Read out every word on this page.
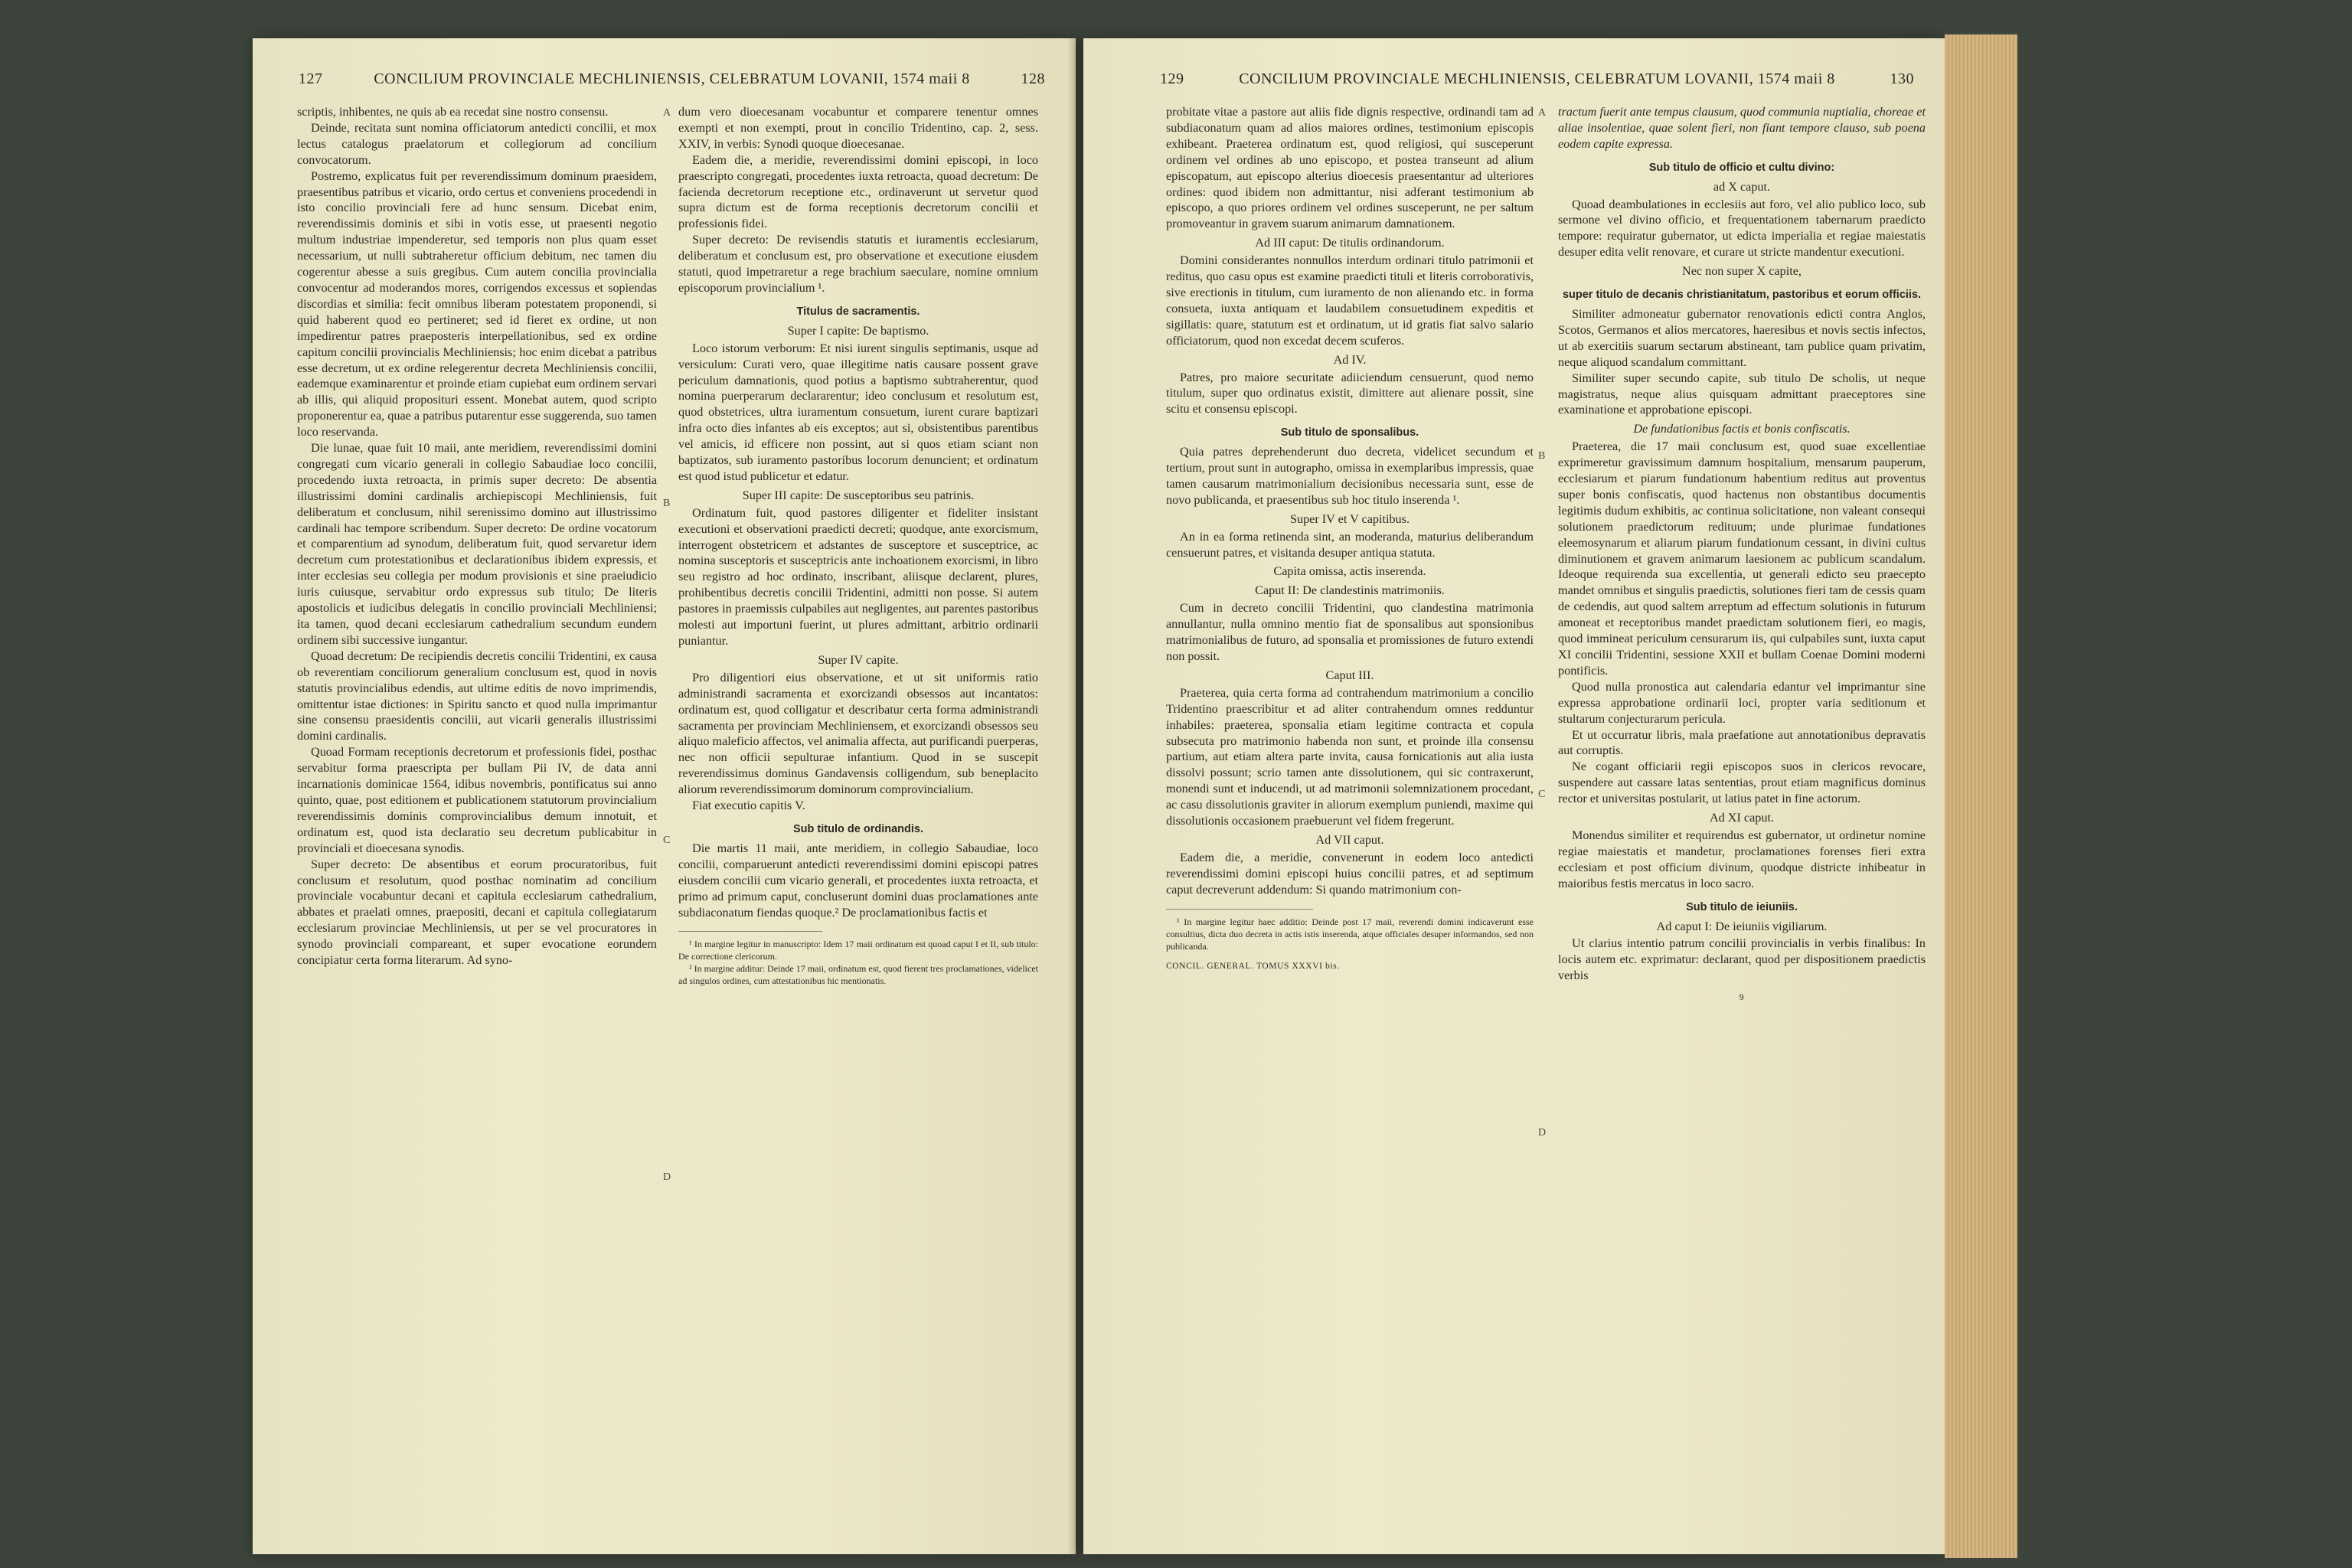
127	CONCILIUM PROVINCIALE MECHLINIENSIS, CELEBRATUM LOVANII, 1574 maii 8	128

scriptis, inhibentes, ne quis ab ea recedat sine nostro consensu.

Deinde, recitata sunt nomina officiatorum antedicti concilii, et mox lectus catalogus praelatorum et collegiorum ad concilium convocatorum.

Postremo, explicatus fuit per reverendissimum dominum praesidem, praesentibus patribus et vicario, ordo certus et conveniens procedendi in isto concilio provinciali fere ad hunc sensum. Dicebat enim, reverendissimis dominis et sibi in votis esse, ut praesenti negotio multum industriae impenderetur, sed temporis non plus quam esset necessarium, ut nulli subtraheretur officium debitum, nec tamen diu cogerentur abesse a suis gregibus. Cum autem concilia provincialia convocentur ad moderandos mores, corrigendos excessus et sopiendas discordias et similia: fecit omnibus liberam potestatem proponendi, si quid haberent quod eo pertineret; sed id fieret ex ordine, ut non impedirentur patres praeposteris interpellationibus, sed ex ordine capitum concilii provincialis Mechliniensis; hoc enim dicebat a patribus esse decretum, ut ex ordine relegerentur decreta Mechliniensis concilii, eademque examinarentur et proinde etiam cupiebat eum ordinem servari ab illis, qui aliquid proposituri essent. Monebat autem, quod scripto proponerentur ea, quae a patribus putarentur esse suggerenda, suo tamen loco reservanda.

Die lunae, quae fuit 10 maii, ante meridiem, reverendissimi domini congregati cum vicario generali in collegio Sabaudiae loco concilii, procedendo iuxta retroacta, in primis super decreto: De absentia illustrissimi domini cardinalis archiepiscopi Mechliniensis, fuit deliberatum et conclusum, nihil serenissimo domino aut illustrissimo cardinali hac tempore scribendum. Super decreto: De ordine vocatorum et comparentium ad synodum, deliberatum fuit, quod servaretur idem decretum cum protestationibus et declarationibus ibidem expressis, et inter ecclesias seu collegia per modum provisionis et sine praeiudicio iuris cuiusque, servabitur ordo expressus sub titulo; De literis apostolicis et iudicibus delegatis in concilio provinciali Mechliniensi; ita tamen, quod decani ecclesiarum cathedralium secundum eundem ordinem sibi successive iungantur.

Quoad decretum: De recipiendis decretis concilii Tridentini, ex causa ob reverentiam conciliorum generalium conclusum est, quod in novis statutis provincialibus edendis, aut ultime editis de novo imprimendis, omittentur istae dictiones: in Spiritu sancto et quod nulla imprimantur sine consensu praesidentis concilii, aut vicarii generalis illustrissimi domini cardinalis.

Quoad Formam receptionis decretorum et professionis fidei, posthac servabitur forma praescripta per bullam Pii IV, de data anni incarnationis dominicae 1564, idibus novembris, pontificatus sui anno quinto, quae, post editionem et publicationem statutorum provincialium reverendissimis dominis comprovincialibus demum innotuit, et ordinatum est, quod ista declaratio seu decretum publicabitur in provinciali et dioecesana synodis.

Super decreto: De absentibus et eorum procuratoribus, fuit conclusum et resolutum, quod posthac nominatim ad concilium provinciale vocabuntur decani et capitula ecclesiarum cathedralium, abbates et praelati omnes, praepositi, decani et capitula collegiatarum ecclesiarum provinciae Mechliniensis, ut per se vel procuratores in synodo provinciali compareant, et super evocatione eorundem concipiatur certa forma literarum. Ad syno-

A
B
C
D

dum vero dioecesanam vocabuntur et comparere tenentur omnes exempti et non exempti, prout in concilio Tridentino, cap. 2, sess. XXIV, in verbis: Synodi quoque dioecesanae.

Eadem die, a meridie, reverendissimi domini episcopi, in loco praescripto congregati, procedentes iuxta retroacta, quoad decretum: De facienda decretorum receptione etc., ordinaverunt ut servetur quod supra dictum est de forma receptionis decretorum concilii et professionis fidei.

Super decreto: De revisendis statutis et iuramentis ecclesiarum, deliberatum et conclusum est, pro observatione et executione eiusdem statuti, quod impetraretur a rege brachium saeculare, nomine omnium episcoporum provincialium ¹.

Titulus de sacramentis.
Super I capite: De baptismo.

Loco istorum verborum: Et nisi iurent singulis septimanis, usque ad versiculum: Curati vero, quae illegitime natis causare possent grave periculum damnationis, quod potius a baptismo subtraherentur, quod nomina puerperarum declararentur; ideo conclusum et resolutum est, quod obstetrices, ultra iuramentum consuetum, iurent curare baptizari infra octo dies infantes ab eis exceptos; aut si, obsistentibus parentibus vel amicis, id efficere non possint, aut si quos etiam sciant non baptizatos, sub iuramento pastoribus locorum denuncient; et ordinatum est quod istud publicetur et edatur.

Super III capite: De susceptoribus seu patrinis.

Ordinatum fuit, quod pastores diligenter et fideliter insistant executioni et observationi praedicti decreti; quodque, ante exorcismum, interrogent obstetricem et adstantes de susceptore et susceptrice, ac nomina susceptoris et susceptricis ante inchoationem exorcismi, in libro seu registro ad hoc ordinato, inscribant, aliisque declarent, plures, prohibentibus decretis concilii Tridentini, admitti non posse. Si autem pastores in praemissis culpabiles aut negligentes, aut parentes pastoribus molesti aut importuni fuerint, ut plures admittant, arbitrio ordinarii puniantur.

Super IV capite.

Pro diligentiori eius observatione, et ut sit uniformis ratio administrandi sacramenta et exorcizandi obsessos aut incantatos: ordinatum est, quod colligatur et describatur certa forma administrandi sacramenta per provinciam Mechliniensem, et exorcizandi obsessos seu aliquo maleficio affectos, vel animalia affecta, aut purificandi puerperas, nec non officii sepulturae infantium. Quod in se suscepit reverendissimus dominus Gandavensis colligendum, sub beneplacito aliorum reverendissimorum dominorum comprovincialium.

Fiat executio capitis V.

Sub titulo de ordinandis.

Die martis 11 maii, ante meridiem, in collegio Sabaudiae, loco concilii, comparuerunt antedicti reverendissimi domini episcopi patres eiusdem concilii cum vicario generali, et procedentes iuxta retroacta, et primo ad primum caput, concluserunt domini duas proclamationes ante subdiaconatum fiendas quoque.² De proclamationibus factis et

¹ In margine legitur in manuscripto: Idem 17 maii ordinatum est quoad caput I et II, sub titulo: De correctione clericorum.

² In margine additur: Deinde 17 maii, ordinatum est, quod fierent tres proclamationes, videlicet ad singulos ordines, cum attestationibus hic mentionatis.

129	CONCILIUM PROVINCIALE MECHLINIENSIS, CELEBRATUM LOVANII, 1574 maii 8	130

probitate vitae a pastore aut aliis fide dignis respective, ordinandi tam ad subdiaconatum quam ad alios maiores ordines, testimonium episcopis exhibeant. Praeterea ordinatum est, quod religiosi, qui susceperunt ordinem vel ordines ab uno episcopo, et postea transeunt ad alium episcopatum, aut episcopo alterius dioecesis praesentantur ad ulteriores ordines: quod ibidem non admittantur, nisi adferant testimonium ab episcopo, a quo priores ordinem vel ordines susceperunt, ne per saltum promoveantur in gravem suarum animarum damnationem.

Ad III caput: De titulis ordinandorum.

Domini considerantes nonnullos interdum ordinari titulo patrimonii et reditus, quo casu opus est examine praedicti tituli et literis corroborativis, sive erectionis in titulum, cum iuramento de non alienando etc. in forma consueta, iuxta antiquam et laudabilem consuetudinem expeditis et sigillatis: quare, statutum est et ordinatum, ut id gratis fiat salvo salario officiatorum, quod non excedat decem scuferos.

Ad IV.

Patres, pro maiore securitate adiiciendum censuerunt, quod nemo titulum, super quo ordinatus existit, dimittere aut alienare possit, sine scitu et consensu episcopi.

Sub titulo de sponsalibus.

Quia patres deprehenderunt duo decreta, videlicet secundum et tertium, prout sunt in autographo, omissa in exemplaribus impressis, quae tamen causarum matrimonialium decisionibus necessaria sunt, esse de novo publicanda, et praesentibus sub hoc titulo inserenda ¹.

Super IV et V capitibus.

An in ea forma retinenda sint, an moderanda, maturius deliberandum censuerunt patres, et visitanda desuper antiqua statuta.

Capita omissa, actis inserenda.
Caput II: De clandestinis matrimoniis.

Cum in decreto concilii Tridentini, quo clandestina matrimonia annullantur, nulla omnino mentio fiat de sponsalibus aut sponsionibus matrimonialibus de futuro, ad sponsalia et promissiones de futuro extendi non possit.

Caput III.

Praeterea, quia certa forma ad contrahendum matrimonium a concilio Tridentino praescribitur et ad aliter contrahendum omnes redduntur inhabiles: praeterea, sponsalia etiam legitime contracta et copula subsecuta pro matrimonio habenda non sunt, et proinde illa consensu partium, aut etiam altera parte invita, causa fornicationis aut alia iusta dissolvi possunt; scrio tamen ante dissolutionem, qui sic contraxerunt, monendi sunt et inducendi, ut ad matrimonii solemnizationem procedant, ac casu dissolutionis graviter in aliorum exemplum puniendi, maxime qui dissolutionis occasionem praebuerunt vel fidem fregerunt.

Ad VII caput.

Eadem die, a meridie, convenerunt in eodem loco antedicti reverendissimi domini episcopi huius concilii patres, et ad septimum caput decreverunt addendum: Si quando matrimonium con-

¹ In margine legitur haec additio: Deinde post 17 maii, reverendi domini indicaverunt esse consultius, dicta duo decreta in actis istis inserenda, atque officiales desuper informandos, sed non publicanda.

CONCIL. GENERAL. TOMUS XXXVI bis.
A
B
C
D

tractum fuerit ante tempus clausum, quod communia nuptialia, choreae et aliae insolentiae, quae solent fieri, non fiant tempore clauso, sub poena eodem capite expressa.

Sub titulo de officio et cultu divino:
ad X caput.

Quoad deambulationes in ecclesiis aut foro, vel alio publico loco, sub sermone vel divino officio, et frequentationem tabernarum praedicto tempore: requiratur gubernator, ut edicta imperialia et regiae maiestatis desuper edita velit renovare, et curare ut stricte mandentur executioni.

Nec non super X capite,
super titulo de decanis christianitatum, pastoribus et eorum officiis.

Similiter admoneatur gubernator renovationis edicti contra Anglos, Scotos, Germanos et alios mercatores, haeresibus et novis sectis infectos, ut ab exercitiis suarum sectarum abstineant, tam publice quam privatim, neque aliquod scandalum committant.

Similiter super secundo capite, sub titulo De scholis, ut neque magistratus, neque alius quisquam admittant praeceptores sine examinatione et approbatione episcopi.

De fundationibus factis et bonis confiscatis.

Praeterea, die 17 maii conclusum est, quod suae excellentiae exprimeretur gravissimum damnum hospitalium, mensarum pauperum, ecclesiarum et piarum fundationum habentium reditus aut proventus super bonis confiscatis, quod hactenus non obstantibus documentis legitimis dudum exhibitis, ac continua solicitatione, non valeant consequi solutionem praedictorum redituum; unde plurimae fundationes eleemosynarum et aliarum piarum fundationum cessant, in divini cultus diminutionem et gravem animarum laesionem ac publicum scandalum. Ideoque requirenda sua excellentia, ut generali edicto seu praecepto mandet omnibus et singulis praedictis, solutiones fieri tam de cessis quam de cedendis, aut quod saltem arreptum ad effectum solutionis in futurum amoneat et receptoribus mandet praedictam solutionem fieri, eo magis, quod immineat periculum censurarum iis, qui culpabiles sunt, iuxta caput XI concilii Tridentini, sessione XXII et bullam Coenae Domini moderni pontificis.

Quod nulla pronostica aut calendaria edantur vel imprimantur sine expressa approbatione ordinarii loci, propter varia seditionum et stultarum conjecturarum pericula.

Et ut occurratur libris, mala praefatione aut annotationibus depravatis aut corruptis.

Ne cogant officiarii regii episcopos suos in clericos revocare, suspendere aut cassare latas sententias, prout etiam magnificus dominus rector et universitas postularit, ut latius patet in fine actorum.

Ad XI caput.

Monendus similiter et requirendus est gubernator, ut ordinetur nomine regiae maiestatis et mandetur, proclamationes forenses fieri extra ecclesiam et post officium divinum, quodque districte inhibeatur in maioribus festis mercatus in loco sacro.

Sub titulo de ieiuniis.
Ad caput I: De ieiuniis vigiliarum.

Ut clarius intentio patrum concilii provincialis in verbis finalibus: In locis autem etc. exprimatur: declarant, quod per dispositionem praedictis verbis

9
